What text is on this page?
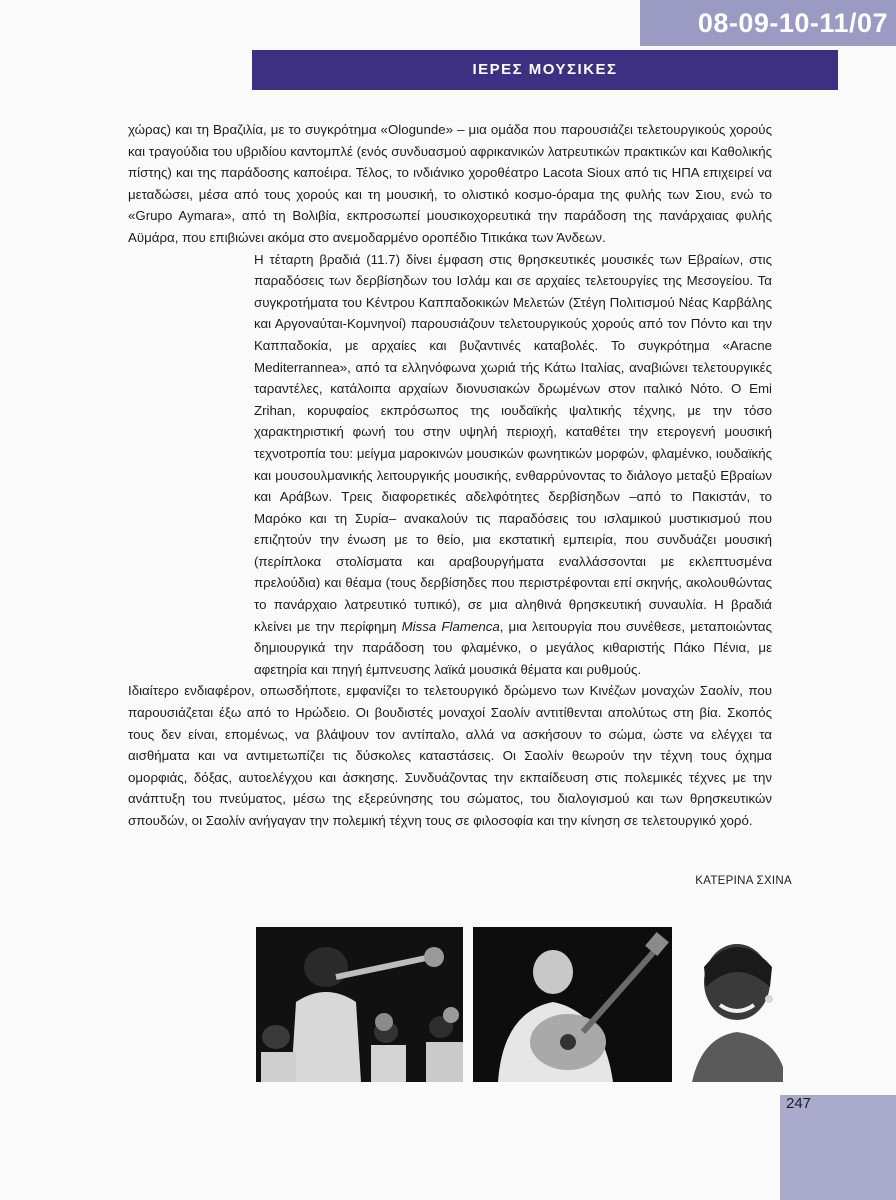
08-09-10-11/07
ΙΕΡΕΣ ΜΟΥΣΙΚΕΣ

χώρας) και τη Βραζιλία, με το συγκρότημα «Ologunde» – μια ομάδα που παρουσιάζει τελετουργικούς χορούς και τραγούδια του υβριδίου καντομπλέ (ενός συνδυασμού αφρικανικών λατρευτικών πρακτικών και Καθολικής πίστης) και της παράδοσης καποέιρα. Τέλος, το ινδιάνικο χοροθέατρο Lacota Sioux από τις ΗΠΑ επιχειρεί να μεταδώσει, μέσα από τους χορούς και τη μουσική, το ολιστικό κοσμο-όραμα της φυλής των Σιου, ενώ το «Grupo Aymara», από τη Βολιβία, εκπροσωπεί μουσικοχορευτικά την παράδοση της πανάρχαιας φυλής Αϋμάρα, που επιβιώνει ακόμα στο ανεμοδαρμένο οροπέδιο Τιτικάκα των Άνδεων.

Η τέταρτη βραδιά (11.7) δίνει έμφαση στις θρησκευτικές μουσικές των Εβραίων, στις παραδόσεις των δερβίσηδων του Ισλάμ και σε αρχαίες τελετουργίες της Μεσογείου. Τα συγκροτήματα του Κέντρου Καππαδοκικών Μελετών (Στέγη Πολιτισμού Νέας Καρβάλης και Αργοναύται-Κομνηνοί) παρουσιάζουν τελετουργικούς χορούς από τον Πόντο και την Καππαδοκία, με αρχαίες και βυζαντινές καταβολές. Το συγκρότημα «Aracne Mediterrannea», από τα ελληνόφωνα χωριά τής Κάτω Ιταλίας, αναβιώνει τελετουργικές ταραντέλες, κατάλοιπα αρχαίων διονυσιακών δρωμένων στον ιταλικό Νότο. Ο Emi Zrihan, κορυφαίος εκπρόσωπος της ιουδαϊκής ψαλτικής τέχνης, με την τόσο χαρακτηριστική φωνή του στην υψηλή περιοχή, καταθέτει την ετερογενή μουσική τεχνοτροπία του: μείγμα μαροκινών μουσικών φωνητικών μορφών, φλαμένκο, ιουδαϊκής και μουσουλμανικής λειτουργικής μουσικής, ενθαρρύνοντας το διάλογο μεταξύ Εβραίων και Αράβων. Τρεις διαφορετικές αδελφότητες δερβίσηδων –από το Πακιστάν, το Μαρόκο και τη Συρία– ανακαλούν τις παραδόσεις του ισλαμικού μυστικισμού που επιζητούν την ένωση με το θείο, μια εκστατική εμπειρία, που συνδυάζει μουσική (περίπλοκα στολίσματα και αραβουργήματα εναλλάσσονται με εκλεπτυσμένα πρελούδια) και θέαμα (τους δερβίσηδες που περιστρέφονται επί σκηνής, ακολουθώντας το πανάρχαιο λατρευτικό τυπικό), σε μια αληθινά θρησκευτική συναυλία. Η βραδιά κλείνει με την περίφημη Missa Flamenca, μια λειτουργία που συνέθεσε, μεταποιώντας δημιουργικά την παράδοση του φλαμένκο, ο μεγάλος κιθαριστής Πάκο Πένια, με αφετηρία και πηγή έμπνευσης λαϊκά μουσικά θέματα και ρυθμούς.

Ιδιαίτερο ενδιαφέρον, οπωσδήποτε, εμφανίζει το τελετουργικό δρώμενο των Κινέζων μοναχών Σαολίν, που παρουσιάζεται έξω από το Ηρώδειο. Οι βουδιστές μοναχοί Σαολίν αντιτίθενται απολύτως στη βία. Σκοπός τους δεν είναι, επομένως, να βλάψουν τον αντίπαλο, αλλά να ασκήσουν το σώμα, ώστε να ελέγχει τα αισθήματα και να αντιμετωπίζει τις δύσκολες καταστάσεις. Οι Σαολίν θεωρούν την τέχνη τους όχημα ομορφιάς, δόξας, αυτοελέγχου και άσκησης. Συνδυάζοντας την εκπαίδευση στις πολεμικές τέχνες με την ανάπτυξη του πνεύματος, μέσω της εξερεύνησης του σώματος, του διαλογισμού και των θρησκευτικών σπουδών, οι Σαολίν ανήγαγαν την πολεμική τέχνη τους σε φιλοσοφία και την κίνηση σε τελετουργικό χορό.

ΚΑΤΕΡΙΝΑ ΣΧΙΝΑ
247
